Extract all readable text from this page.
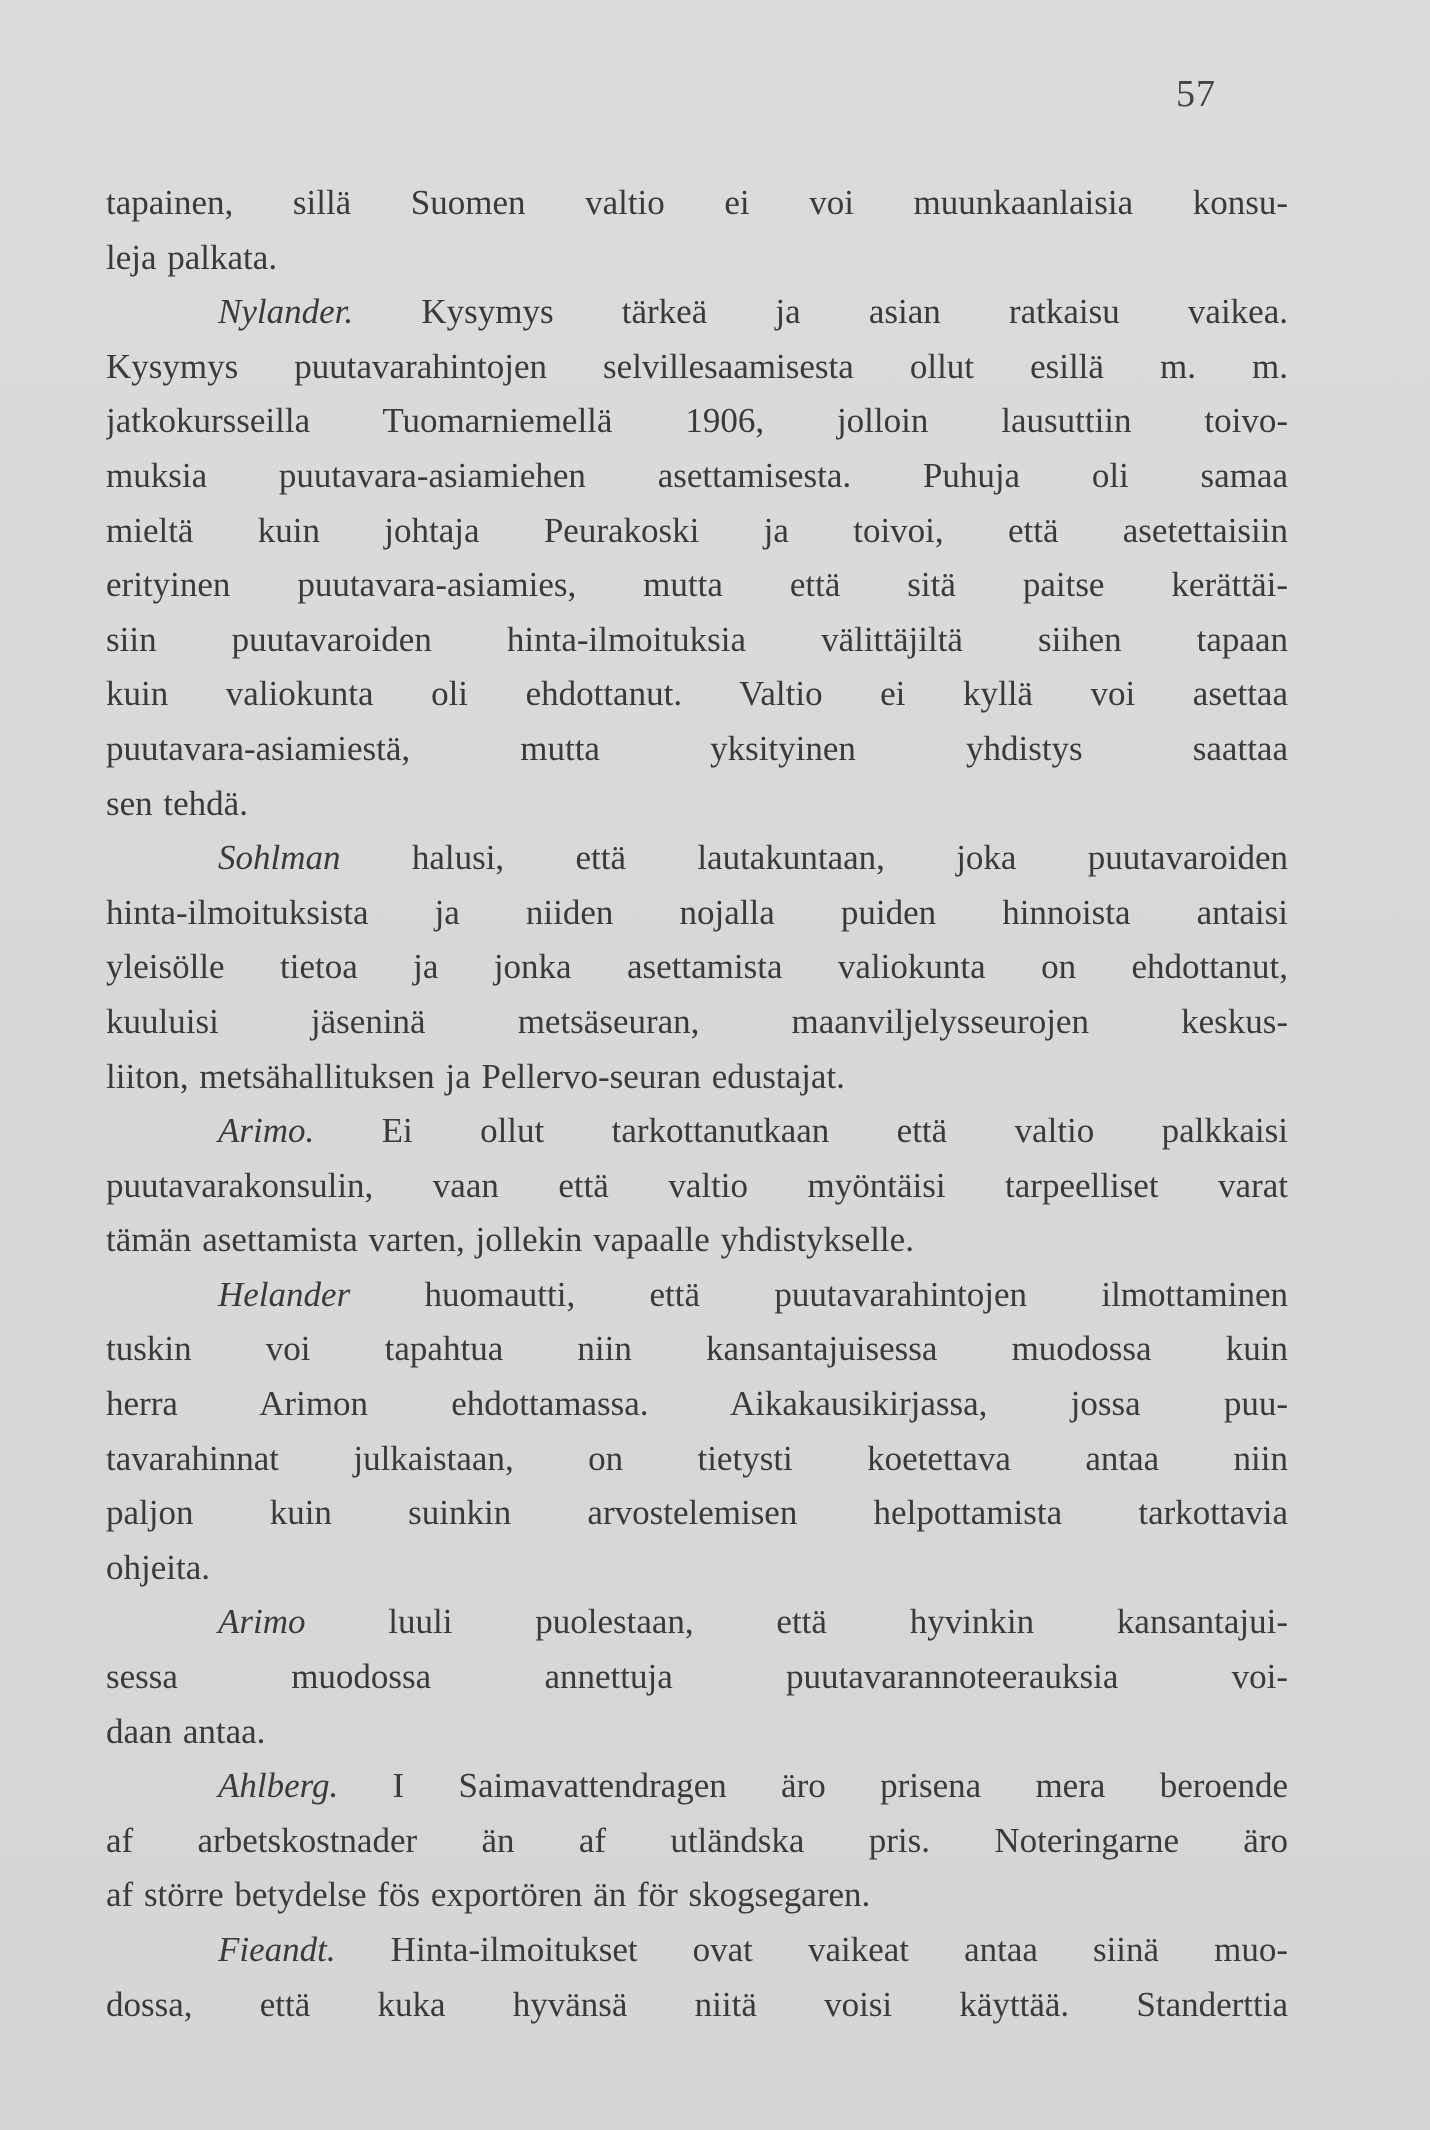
57
tapainen, sillä Suomen valtio ei voi muunkaanlaisia konsu-
leja palkata.
Nylander. Kysymys tärkeä ja asian ratkaisu vaikea.
Kysymys puutavarahintojen selvillesaamisesta ollut esillä m. m.
jatkokursseilla Tuomarniemellä 1906, jolloin lausuttiin toivo-
muksia puutavara-asiamiehen asettamisesta. Puhuja oli samaa
mieltä kuin johtaja Peurakoski ja toivoi, että asetettaisiin
erityinen puutavara-asiamies, mutta että sitä paitse kerättäi-
siin puutavaroiden hinta-ilmoituksia välittäjiltä siihen tapaan
kuin valiokunta oli ehdottanut. Valtio ei kyllä voi asettaa
puutavara-asiamiestä, mutta yksityinen yhdistys saattaa
sen tehdä.
Sohlman halusi, että lautakuntaan, joka puutavaroiden
hinta-ilmoituksista ja niiden nojalla puiden hinnoista antaisi
yleisölle tietoa ja jonka asettamista valiokunta on ehdottanut,
kuuluisi jäseninä metsäseuran, maanviljelysseurojen keskus-
liiton, metsähallituksen ja Pellervo-seuran edustajat.
Arimo. Ei ollut tarkottanutkaan että valtio palkkaisi
puutavarakonsulin, vaan että valtio myöntäisi tarpeelliset varat
tämän asettamista varten, jollekin vapaalle yhdistykselle.
Helander huomautti, että puutavarahintojen ilmottaminen
tuskin voi tapahtua niin kansantajuisessa muodossa kuin
herra Arimon ehdottamassa. Aikakausikirjassa, jossa puu-
tavarahinnat julkaistaan, on tietysti koetettava antaa niin
paljon kuin suinkin arvostelemisen helpottamista tarkottavia
ohjeita.
Arimo luuli puolestaan, että hyvinkin kansantajui-
sessa muodossa annettuja puutavarannoteerauksia voi-
daan antaa.
Ahlberg. I Saimavattendragen äro prisena mera beroende
af arbetskostnader än af utländska pris. Noteringarne äro
af större betydelse fös exportören än för skogsegaren.
Fieandt. Hinta-ilmoitukset ovat vaikeat antaa siinä muo-
dossa, että kuka hyvänsä niitä voisi käyttää. Standerttia
